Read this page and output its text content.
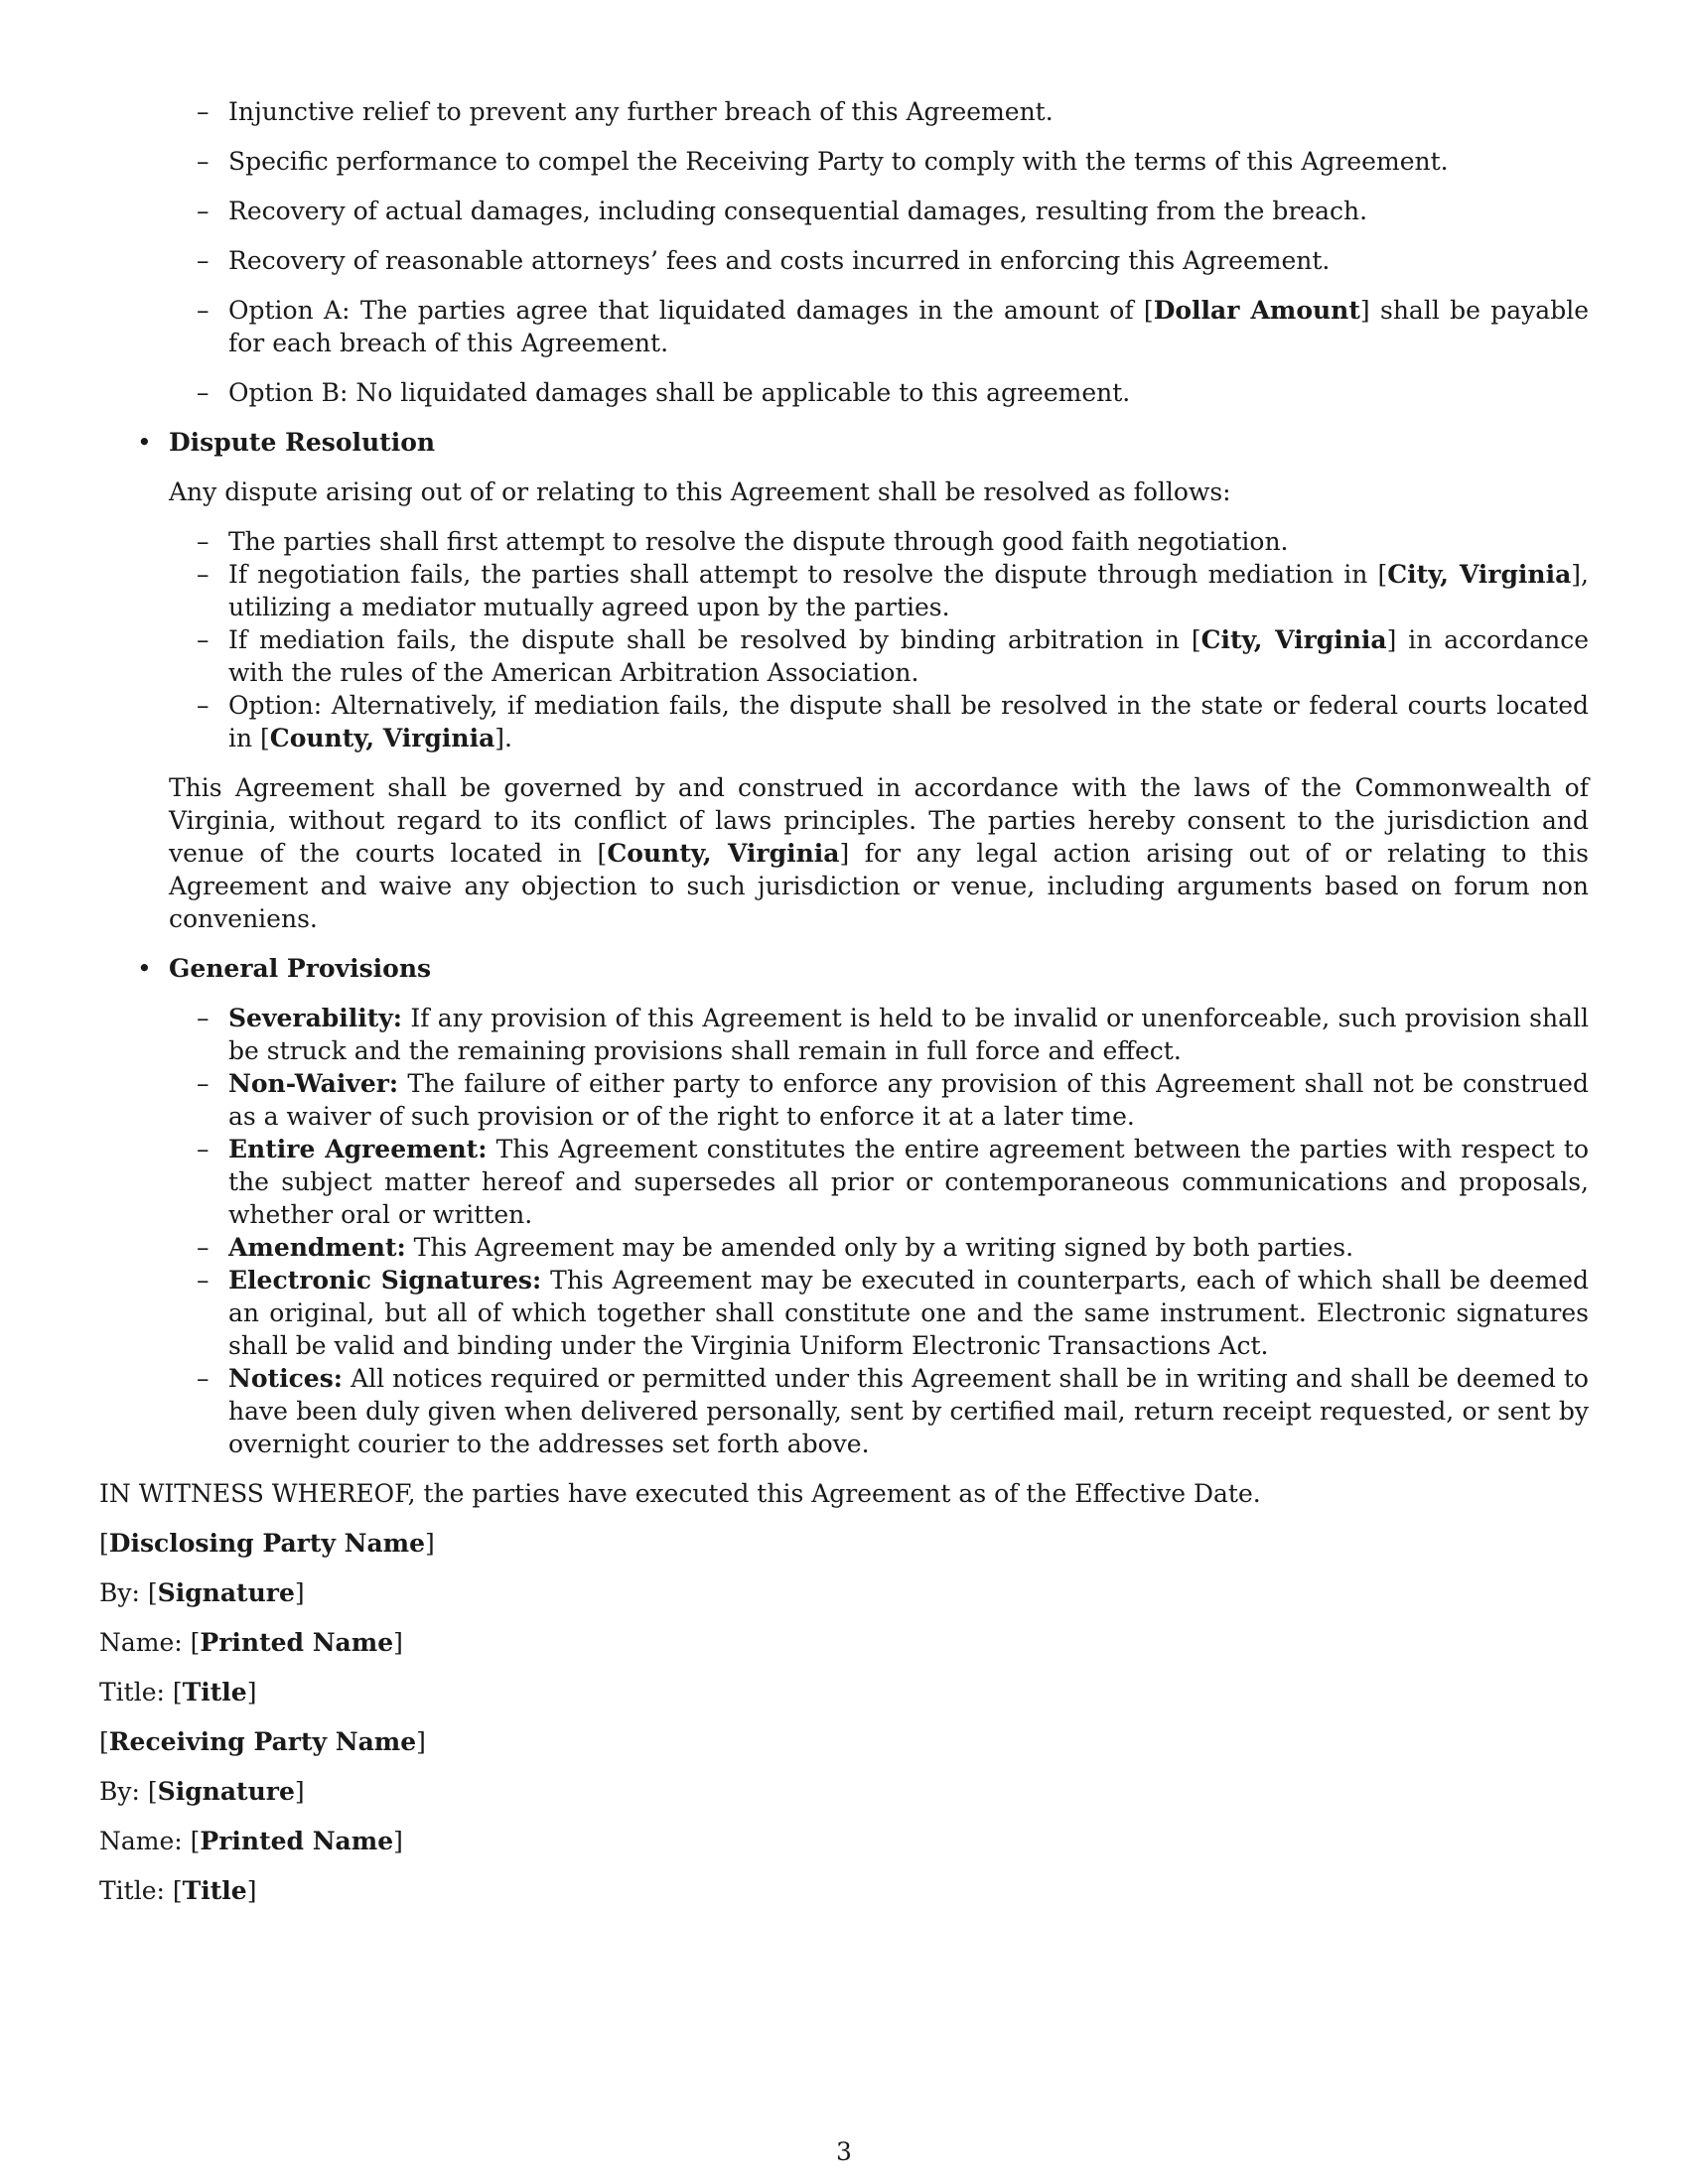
– Injunctive relief to prevent any further breach of this Agreement.
– Specific performance to compel the Receiving Party to comply with the terms of this Agreement.
– Recovery of actual damages, including consequential damages, resulting from the breach.
– Recovery of reasonable attorneys’ fees and costs incurred in enforcing this Agreement.
– Option A: The parties agree that liquidated damages in the amount of [Dollar Amount] shall be payable for each breach of this Agreement.
– Option B: No liquidated damages shall be applicable to this agreement.
• Dispute Resolution
Any dispute arising out of or relating to this Agreement shall be resolved as follows:
– The parties shall first attempt to resolve the dispute through good faith negotiation.
– If negotiation fails, the parties shall attempt to resolve the dispute through mediation in [City, Virginia], utilizing a mediator mutually agreed upon by the parties.
– If mediation fails, the dispute shall be resolved by binding arbitration in [City, Virginia] in accordance with the rules of the American Arbitration Association.
– Option: Alternatively, if mediation fails, the dispute shall be resolved in the state or federal courts located in [County, Virginia].
This Agreement shall be governed by and construed in accordance with the laws of the Commonwealth of Virginia, without regard to its conflict of laws principles. The parties hereby consent to the jurisdiction and venue of the courts located in [County, Virginia] for any legal action arising out of or relating to this Agreement and waive any objection to such jurisdiction or venue, including arguments based on forum non conveniens.
• General Provisions
– Severability: If any provision of this Agreement is held to be invalid or unenforceable, such provision shall be struck and the remaining provisions shall remain in full force and effect.
– Non-Waiver: The failure of either party to enforce any provision of this Agreement shall not be construed as a waiver of such provision or of the right to enforce it at a later time.
– Entire Agreement: This Agreement constitutes the entire agreement between the parties with respect to the subject matter hereof and supersedes all prior or contemporaneous communications and proposals, whether oral or written.
– Amendment: This Agreement may be amended only by a writing signed by both parties.
– Electronic Signatures: This Agreement may be executed in counterparts, each of which shall be deemed an original, but all of which together shall constitute one and the same instrument. Electronic signatures shall be valid and binding under the Virginia Uniform Electronic Transactions Act.
– Notices: All notices required or permitted under this Agreement shall be in writing and shall be deemed to have been duly given when delivered personally, sent by certified mail, return receipt requested, or sent by overnight courier to the addresses set forth above.
IN WITNESS WHEREOF, the parties have executed this Agreement as of the Effective Date.
[Disclosing Party Name]
By: [Signature]
Name: [Printed Name]
Title: [Title]
[Receiving Party Name]
By: [Signature]
Name: [Printed Name]
Title: [Title]
3
